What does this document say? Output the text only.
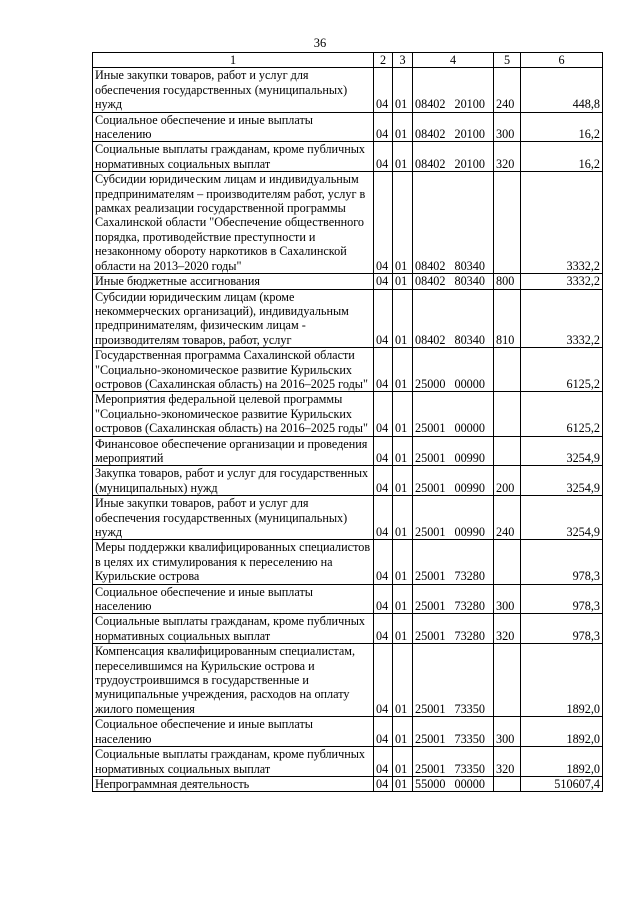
36
1	2	3	4	5	6
Иные закупки товаров, работ и услуг для обеспечения государственных (муниципальных) нужд	04	01	08402 20100	240	448,8
Социальное обеспечение и иные выплаты населению	04	01	08402 20100	300	16,2
Социальные выплаты гражданам, кроме публичных нормативных социальных выплат	04	01	08402 20100	320	16,2
Субсидии юридическим лицам и индивидуальным предпринимателям – производителям работ, услуг в рамках реализации государственной программы Сахалинской области "Обеспечение общественного порядка, противодействие преступности и незаконному обороту наркотиков в Сахалинской области на 2013–2020 годы"	04	01	08402 80340		3332,2
Иные бюджетные ассигнования	04	01	08402 80340	800	3332,2
Субсидии юридическим лицам (кроме некоммерческих организаций), индивидуальным предпринимателям, физическим лицам - производителям товаров, работ, услуг	04	01	08402 80340	810	3332,2
Государственная программа Сахалинской области "Социально-экономическое развитие Курильских островов (Сахалинская область) на 2016–2025 годы"	04	01	25000 00000		6125,2
Мероприятия федеральной целевой программы "Социально-экономическое развитие Курильских островов (Сахалинская область) на 2016–2025 годы"	04	01	25001 00000		6125,2
Финансовое обеспечение организации и проведения мероприятий	04	01	25001 00990		3254,9
Закупка товаров, работ и услуг для государственных (муниципальных) нужд	04	01	25001 00990	200	3254,9
Иные закупки товаров, работ и услуг для обеспечения государственных (муниципальных) нужд	04	01	25001 00990	240	3254,9
Меры поддержки квалифицированных специалистов в целях их стимулирования к переселению на Курильские острова	04	01	25001 73280		978,3
Социальное обеспечение и иные выплаты населению	04	01	25001 73280	300	978,3
Социальные выплаты гражданам, кроме публичных нормативных социальных выплат	04	01	25001 73280	320	978,3
Компенсация квалифицированным специалистам, переселившимся на Курильские острова и трудоустроившимся в государственные и муниципальные учреждения, расходов на оплату жилого помещения	04	01	25001 73350		1892,0
Социальное обеспечение и иные выплаты населению	04	01	25001 73350	300	1892,0
Социальные выплаты гражданам, кроме публичных нормативных социальных выплат	04	01	25001 73350	320	1892,0
Непрограммная деятельность	04	01	55000 00000		510607,4
